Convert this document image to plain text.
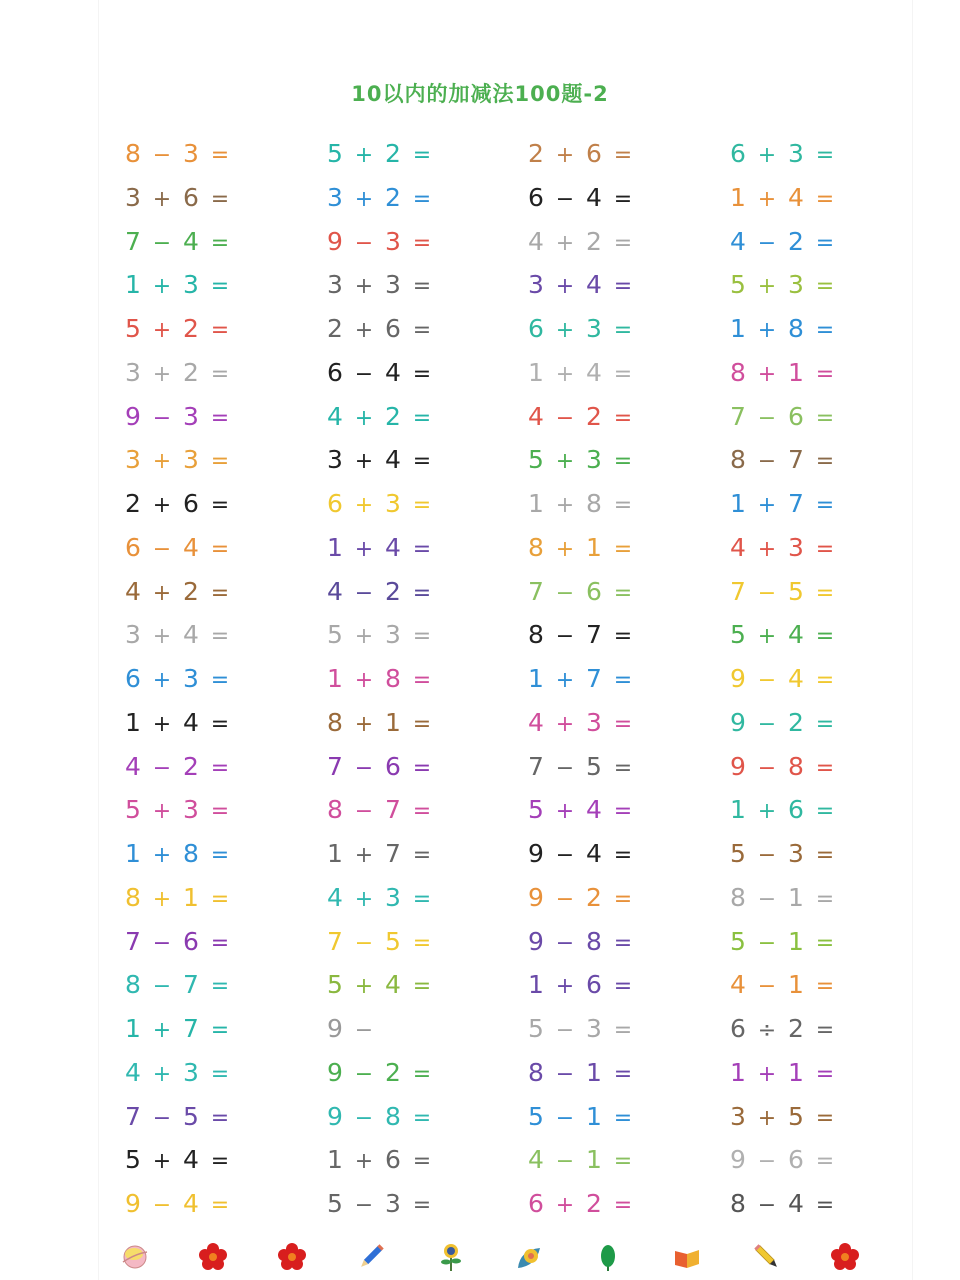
10以内的加减法100题-2
8 − 3 =
3 + 6 =
7 − 4 =
1 + 3 =
5 + 2 =
3 + 2 =
9 − 3 =
3 + 3 =
2 + 6 =
6 − 4 =
4 + 2 =
3 + 4 =
6 + 3 =
1 + 4 =
4 − 2 =
5 + 3 =
1 + 8 =
8 + 1 =
7 − 6 =
8 − 7 =
1 + 7 =
4 + 3 =
7 − 5 =
5 + 4 =
9 − 4 =
5 + 2 =
3 + 2 =
9 − 3 =
3 + 3 =
2 + 6 =
6 − 4 =
4 + 2 =
3 + 4 =
6 + 3 =
1 + 4 =
4 − 2 =
5 + 3 =
1 + 8 =
8 + 1 =
7 − 6 =
8 − 7 =
1 + 7 =
4 + 3 =
7 − 5 =
5 + 4 =
9 −
9 − 2 =
9 − 8 =
1 + 6 =
5 − 3 =
2 + 6 =
6 − 4 =
4 + 2 =
3 + 4 =
6 + 3 =
1 + 4 =
4 − 2 =
5 + 3 =
1 + 8 =
8 + 1 =
7 − 6 =
8 − 7 =
1 + 7 =
4 + 3 =
7 − 5 =
5 + 4 =
9 − 4 =
9 − 2 =
9 − 8 =
1 + 6 =
5 − 3 =
8 − 1 =
5 − 1 =
4 − 1 =
6 + 2 =
6 + 3 =
1 + 4 =
4 − 2 =
5 + 3 =
1 + 8 =
8 + 1 =
7 − 6 =
8 − 7 =
1 + 7 =
4 + 3 =
7 − 5 =
5 + 4 =
9 − 4 =
9 − 2 =
9 − 8 =
1 + 6 =
5 − 3 =
8 − 1 =
5 − 1 =
4 − 1 =
6 ÷ 2 =
1 + 1 =
3 + 5 =
9 − 6 =
8 − 4 =
